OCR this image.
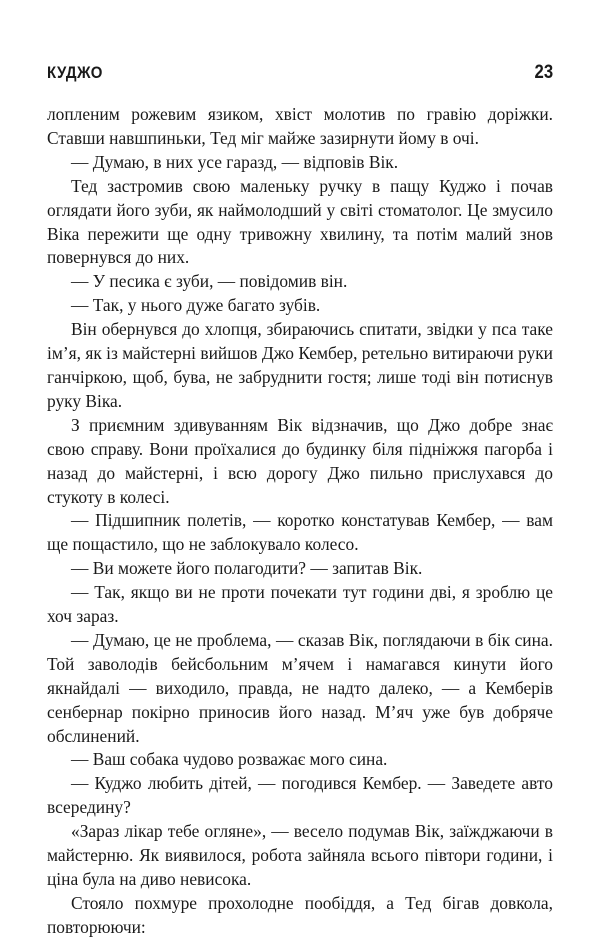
КУДЖО	23

лопленим рожевим язиком, хвіст молотив по гравію доріжки. Ставши навшпиньки, Тед міг майже зазирнути йому в очі.

— Думаю, в них усе гаразд, — відповів Вік.

Тед застромив свою маленьку ручку в пащу Куджо і почав оглядати його зуби, як наймолодший у світі стоматолог. Це змусило Віка пережити ще одну тривожну хвилину, та потім малий знов повернувся до них.

— У песика є зуби, — повідомив він.

— Так, у нього дуже багато зубів.

Він обернувся до хлопця, збираючись спитати, звідки у пса таке ім’я, як із майстерні вийшов Джо Кембер, ретельно витираючи руки ганчіркою, щоб, бува, не забруднити гостя; лише тоді він потиснув руку Віка.

З приємним здивуванням Вік відзначив, що Джо добре знає свою справу. Вони проїхалися до будинку біля підніжжя пагорба і назад до майстерні, і всю дорогу Джо пильно прислухався до стукоту в колесі.

— Підшипник полетів, — коротко констатував Кембер, — вам ще пощастило, що не заблокувало колесо.

— Ви можете його полагодити? — запитав Вік.

— Так, якщо ви не проти почекати тут години дві, я зроблю це хоч зараз.

— Думаю, це не проблема, — сказав Вік, поглядаючи в бік сина. Той заволодів бейсбольним м’ячем і намагався кинути його якнайдалі — виходило, правда, не надто далеко, — а Кемберів сенбернар покірно приносив його назад. М’яч уже був добряче обслинений.

— Ваш собака чудово розважає мого сина.

— Куджо любить дітей, — погодився Кембер. — Заведете авто всередину?

«Зараз лікар тебе огляне», — весело подумав Вік, заїжджаючи в майстерню. Як виявилося, робота зайняла всього півтори години, і ціна була на диво невисока.

Стояло похмуре прохолодне пообіддя, а Тед бігав довкола, повторюючи:
